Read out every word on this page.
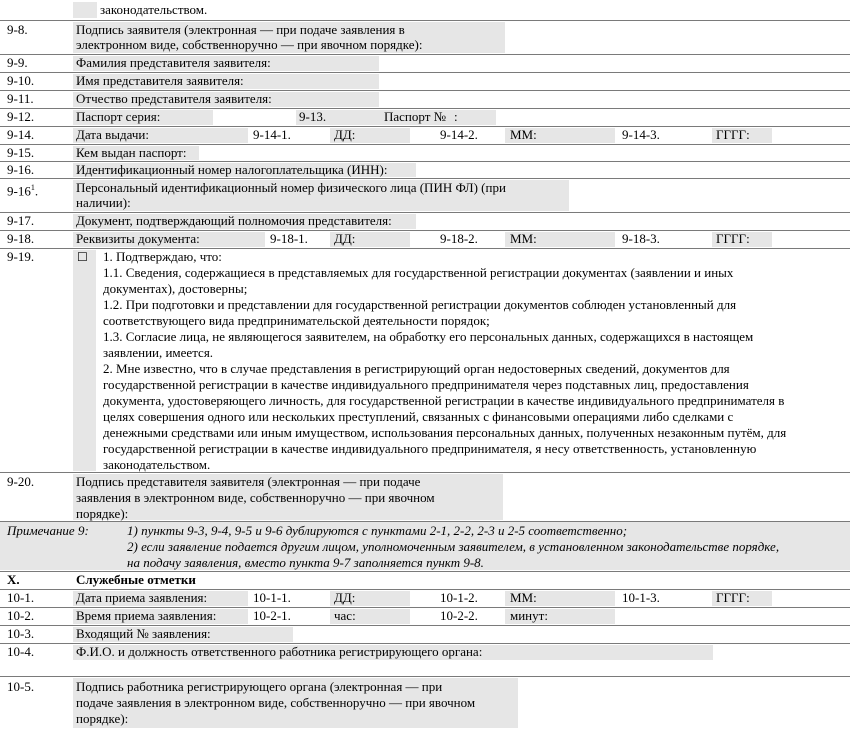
законодательством.
9-8.	Подпись заявителя (электронная — при подаче заявления в
электронном виде, собственноручно — при явочном порядке):
9-9.	Фамилия представителя заявителя:
9-10.	Имя представителя заявителя:
9-11.	Отчество представителя заявителя:
9-12.	Паспорт серия:	9-13.	Паспорт № :
9-14.	Дата выдачи:	9-14-1.	ДД:	9-14-2. ММ:	9-14-3.	ГГГГ:
9-15.	Кем выдан паспорт:
9-16.	Идентификационный номер налогоплательщика (ИНН):
$9-16^1$.	Персональный идентификационный номер физического лица (ПИН ФЛ) (при
наличии):
9-17.	Документ, подтверждающий полномочия представителя:
9-18.	Реквизиты документа:	9-18-1. ДД:	9-18-2. ММ:	9-18-3.	ГГГГ:
9-19.	☐ 1. Подтверждаю, что:
1.1. Сведения, содержащиеся в представляемых для государственной регистрации документах (заявлении и иных
документах), достоверны;
1.2. При подготовки и представлении для государственной регистрации документов соблюден установленный для
соответствующего вида предпринимательской деятельности порядок;
1.3. Согласие лица, не являющегося заявителем, на обработку его персональных данных, содержащихся в настоящем
заявлении, имеется.
2. Мне известно, что в случае представления в регистрирующий орган недостоверных сведений, документов для
государственной регистрации в качестве индивидуального предпринимателя через подставных лиц, предоставления
документа, удостоверяющего личность, для государственной регистрации в качестве индивидуального предпринимателя в
целях совершения одного или нескольких преступлений, связанных с финансовыми операциями либо сделками с
денежными средствами или иным имуществом, использования персональных данных, полученных незаконным путём, для
государственной регистрации в качестве индивидуального предпринимателя, я несу ответственность, установленную
законодательством.
9-20.	Подпись представителя заявителя (электронная — при подаче
заявления в электронном виде, собственноручно — при явочном
порядке):
Примечание 9:	1) пункты 9-3, 9-4, 9-5 и 9-6 дублируются с пунктами 2-1, 2-2, 2-3 и 2-5 соответственно;
2) если заявление подается другим лицом, уполномоченным заявителем, в установленном законодательстве порядке,
на подачу заявления, вместо пункта 9-7 заполняется пункт 9-8.
X.	Служебные отметки
10-1.	Дата приема заявления:	10-1-1.	ДД:	10-1-2. ММ:	10-1-3.	ГГГГ:
10-2.	Время приема заявления:	10-2-1.	час:	10-2-2. минут:
10-3.	Входящий № заявления:
10-4.	Ф.И.О. и должность ответственного работника регистрирующего органа:
10-5.	Подпись работника регистрирующего органа (электронная — при
подаче заявления в электронном виде, собственноручно — при явочном
порядке):
